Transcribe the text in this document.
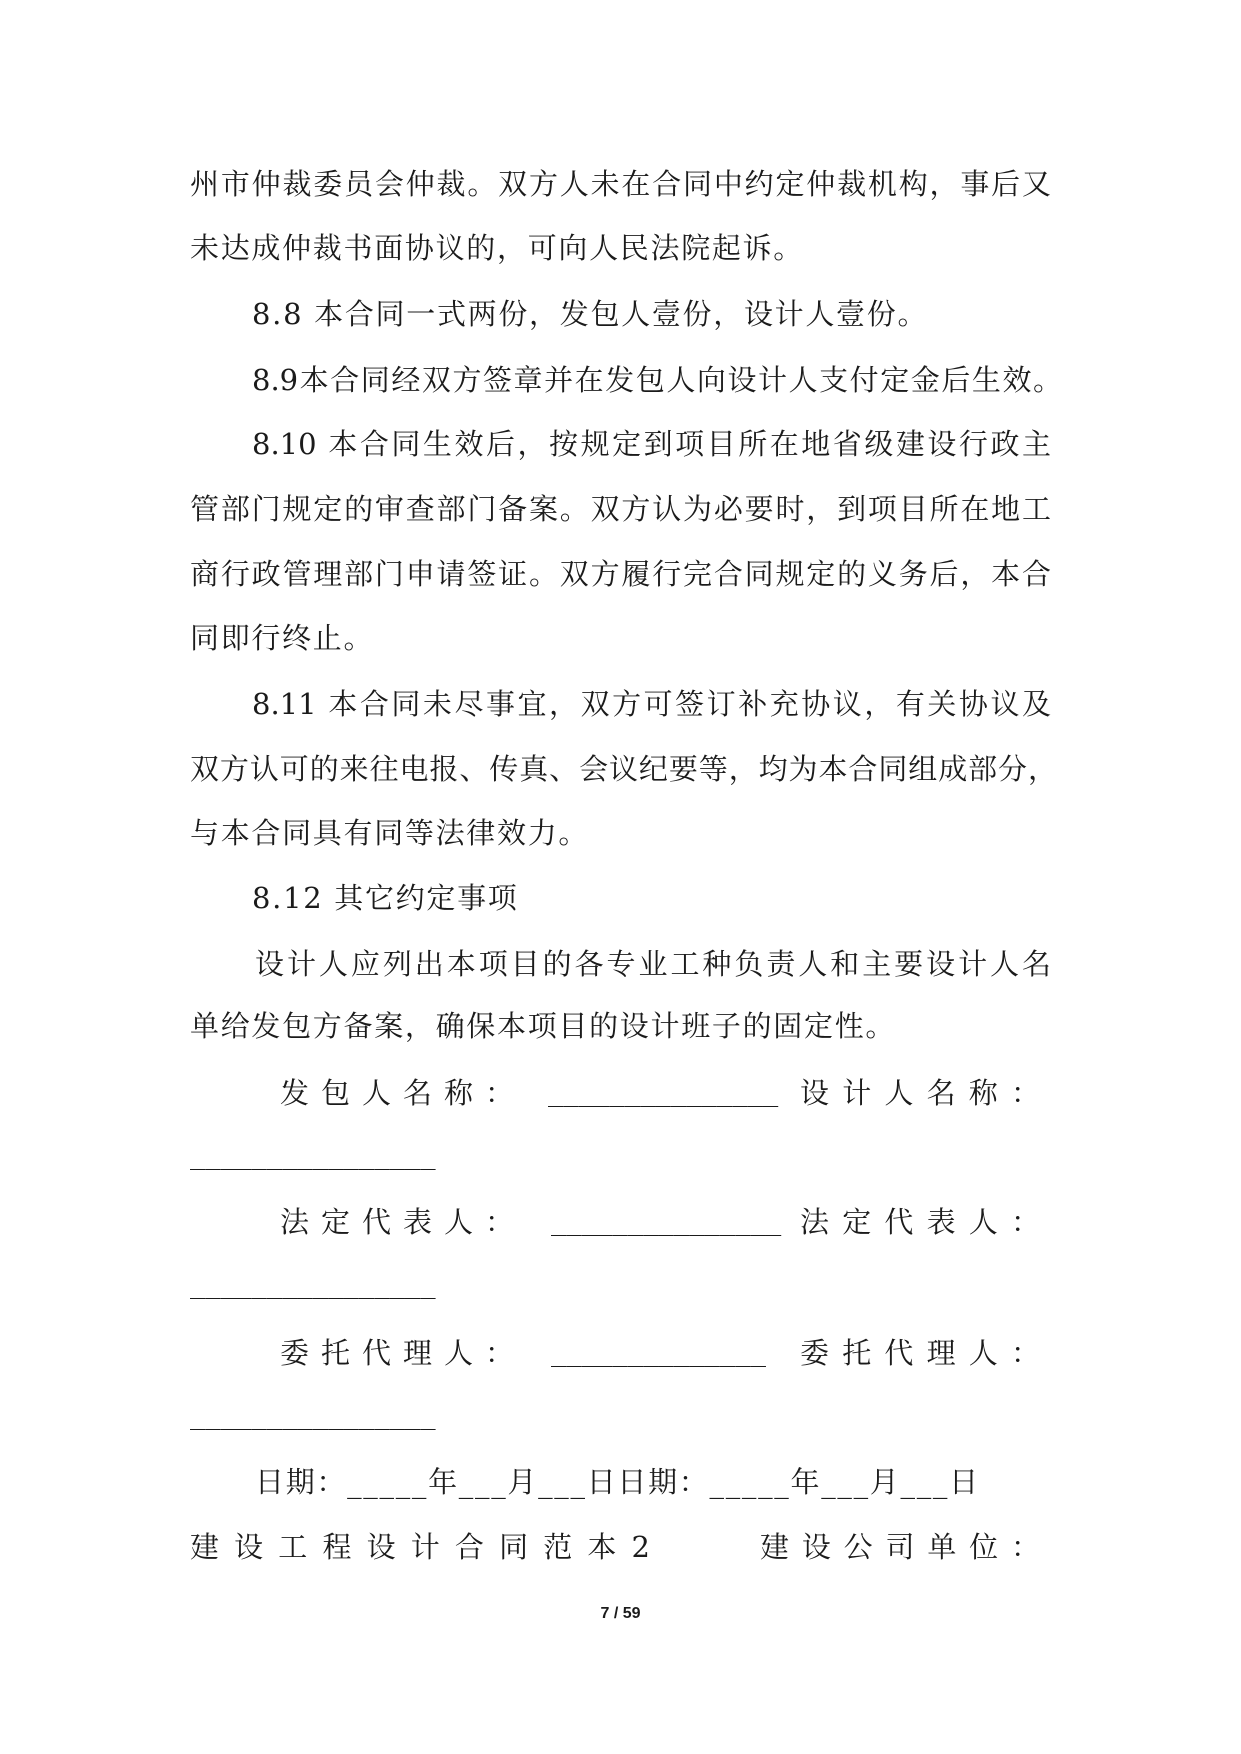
州市仲裁委员会仲裁。双方人未在合同中约定仲裁机构，事后又
未达成仲裁书面协议的，可向人民法院起诉。
8.8 本合同一式两份，发包人壹份，设计人壹份。
8.9本合同经双方签章并在发包人向设计人支付定金后生效。
8.10 本合同生效后，按规定到项目所在地省级建设行政主
管部门规定的审查部门备案。双方认为必要时，到项目所在地工
商行政管理部门申请签证。双方履行完合同规定的义务后，本合
同即行终止。
8.11 本合同未尽事宜，双方可签订补充协议，有关协议及
双方认可的来往电报、传真、会议纪要等，均为本合同组成部分，
与本合同具有同等法律效力。
8.12 其它约定事项
设计人应列出本项目的各专业工种负责人和主要设计人名
单给发包方备案，确保本项目的设计班子的固定性。
发包人名称： _______________ 设计人名称：
________________
法定代表人： _______________ 法定代表人：
________________
委托代理人： ______________	委托代理人：
________________
日期：_____年___月___日日期：_____年___月___日
建设工程设计合同范本2	建设公司单位：
7 / 59
